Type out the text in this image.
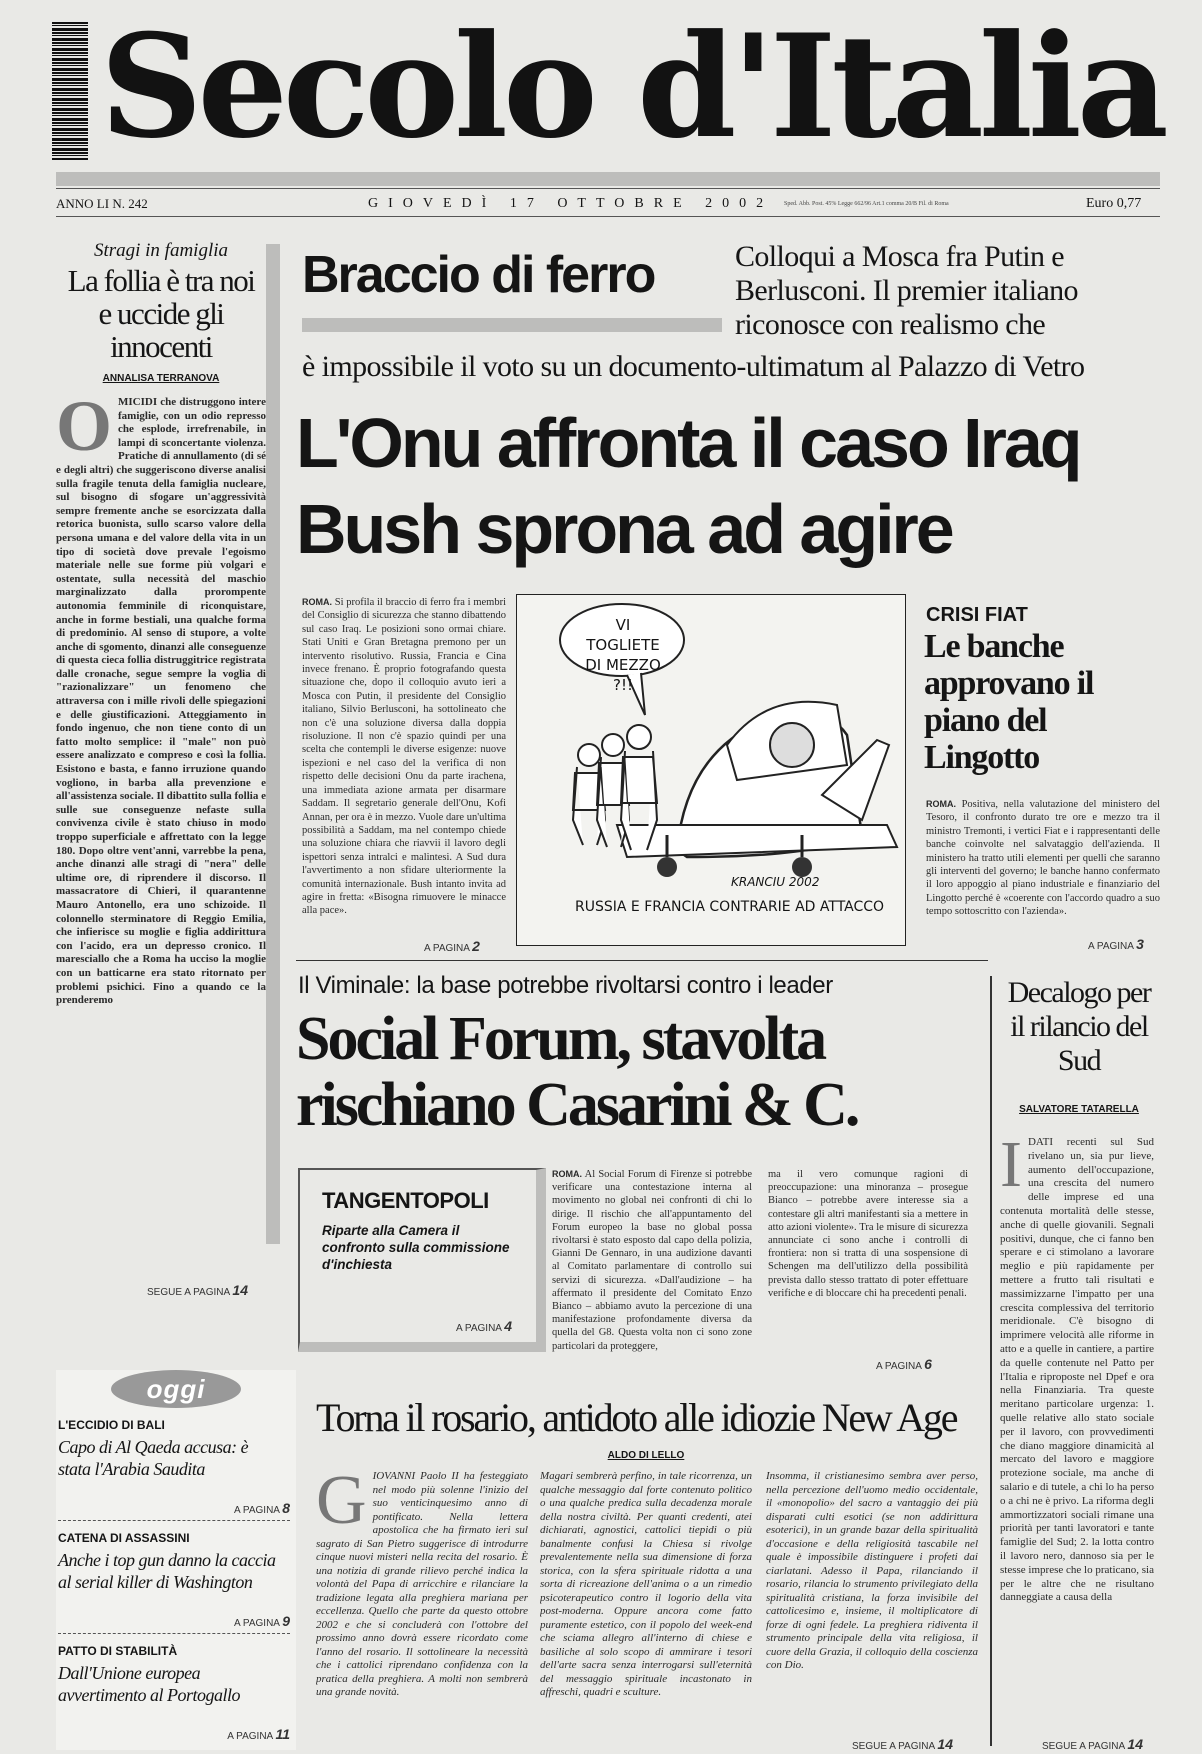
Secolo d'Italia
ANNO LI N. 242	GIOVEDÌ 17 OTTOBRE 2002 Sped. Abb. Post. 45% Legge 662/96 Art.1 comma 20/B Fil. di Roma	Euro 0,77
Stragi in famiglia
La follia è tra noi e uccide gli innocenti
ANNALISA TERRANOVA
O MICIDI che distruggono intere famiglie, con un odio represso che esplode, irrefrenabile, in lampi di sconcertante violenza. Pratiche di annullamento (di sé e degli altri) che suggeriscono diverse analisi sulla fragile tenuta della famiglia nucleare, sul bisogno di sfogare un'aggressività sempre fremente anche se esorcizzata dalla retorica buonista, sullo scarso valore della persona umana e del valore della vita in un tipo di società dove prevale l'egoismo materiale nelle sue forme più volgari e ostentate, sulla necessità del maschio marginalizzato dalla prorompente autonomia femminile di riconquistare, anche in forme bestiali, una qualche forma di predominio. Al senso di stupore, a volte anche di sgomento, dinanzi alle conseguenze di questa cieca follia distruggitrice registrata dalle cronache, segue sempre la voglia di "razionalizzare" un fenomeno che attraversa con i mille rivoli delle spiegazioni e delle giustificazioni. Atteggiamento in fondo ingenuo, che non tiene conto di un fatto molto semplice: il "male" non può essere analizzato e compreso e così la follia. Esistono e basta, e fanno irruzione quando vogliono, in barba alla prevenzione e all'assistenza sociale. Il dibattito sulla follia e sulle sue conseguenze nefaste sulla convivenza civile è stato chiuso in modo troppo superficiale e affrettato con la legge 180. Dopo oltre vent'anni, varrebbe la pena, anche dinanzi alle stragi di "nera" delle ultime ore, di riprendere il discorso. Il massacratore di Chieri, il quarantenne Mauro Antonello, era uno schizoide. Il colonnello sterminatore di Reggio Emilia, che infierisce su moglie e figlia addirittura con l'acido, era un depresso cronico. Il maresciallo che a Roma ha ucciso la moglie con un batticarne era stato ritornato per problemi psichici. Fino a quando ce la prenderemo
SEGUE A PAGINA 14
Braccio di ferro	Colloqui a Mosca fra Putin e Berlusconi. Il premier italiano riconosce con realismo che
è impossibile il voto su un documento-ultimatum al Palazzo di Vetro
L'Onu affronta il caso Iraq
Bush sprona ad agire
ROMA. Si profila il braccio di ferro fra i membri del Consiglio di sicurezza che stanno dibattendo sul caso Iraq. Le posizioni sono ormai chiare. Stati Uniti e Gran Bretagna premono per un intervento risolutivo. Russia, Francia e Cina invece frenano. È proprio fotografando questa situazione che, dopo il colloquio avuto ieri a Mosca con Putin, il presidente del Consiglio italiano, Silvio Berlusconi, ha sottolineato che non c'è una soluzione diversa dalla doppia risoluzione. Il non c'è spazio quindi per una scelta che contempli le diverse esigenze: nuove ispezioni e nel caso del la verifica di non rispetto delle decisioni Onu da parte irachena, una immediata azione armata per disarmare Saddam. Il segretario generale dell'Onu, Kofi Annan, per ora è in mezzo. Vuole dare un'ultima possibilità a Saddam, ma nel contempo chiede una soluzione chiara che riavvii il lavoro degli ispettori senza intralci e malintesi. A Sud dura l'avvertimento a non sfidare ulteriormente la comunità internazionale. Bush intanto invita ad agire in fretta: «Bisogna rimuovere le minacce alla pace».
A PAGINA 2
VI TOGLIETE DI MEZZO ?!!
KRANCIU 2002
RUSSIA E FRANCIA CONTRARIE AD ATTACCO
CRISI FIAT
Le banche approvano il piano del Lingotto
ROMA. Positiva, nella valutazione del ministero del Tesoro, il confronto durato tre ore e mezzo tra il ministro Tremonti, i vertici Fiat e i rappresentanti delle banche coinvolte nel salvataggio dell'azienda. Il ministero ha tratto utili elementi per quelli che saranno gli interventi del governo; le banche hanno confermato il loro appoggio al piano industriale e finanziario del Lingotto perché è «coerente con l'accordo quadro a suo tempo sottoscritto con l'azienda».
A PAGINA 3
Il Viminale: la base potrebbe rivoltarsi contro i leader
Social Forum, stavolta rischiano Casarini & C.
TANGENTOPOLI
Riparte alla Camera il confronto sulla commissione d'inchiesta
A PAGINA 4
ROMA. Al Social Forum di Firenze si potrebbe verificare una contestazione interna al movimento no global nei confronti di chi lo dirige. Il rischio che all'appuntamento del Forum europeo la base no global possa rivoltarsi è stato esposto dal capo della polizia, Gianni De Gennaro, in una audizione davanti al Comitato parlamentare di controllo sui servizi di sicurezza. «Dall'audizione – ha affermato il presidente del Comitato Enzo Bianco – abbiamo avuto la percezione di una manifestazione profondamente diversa da quella del G8. Questa volta non ci sono zone particolari da proteggere,
ma il vero comunque ragioni di preoccupazione: una minoranza – prosegue Bianco – potrebbe avere interesse sia a contestare gli altri manifestanti sia a mettere in atto azioni violente». Tra le misure di sicurezza annunciate ci sono anche i controlli di frontiera: non si tratta di una sospensione di Schengen ma dell'utilizzo della possibilità prevista dallo stesso trattato di poter effettuare verifiche e di bloccare chi ha precedenti penali.
A PAGINA 6
Decalogo per il rilancio del Sud
SALVATORE TATARELLA
I DATI recenti sul Sud rivelano un, sia pur lieve, aumento dell'occupazione, una crescita del numero delle imprese ed una contenuta mortalità delle stesse, anche di quelle giovanili. Segnali positivi, dunque, che ci fanno ben sperare e ci stimolano a lavorare meglio e più rapidamente per mettere a frutto tali risultati e massimizzarne l'impatto per una crescita complessiva del territorio meridionale. C'è bisogno di imprimere velocità alle riforme in atto e a quelle in cantiere, a partire da quelle contenute nel Patto per l'Italia e riproposte nel Dpef e ora nella Finanziaria. Tra queste meritano particolare urgenza: 1. quelle relative allo stato sociale per il lavoro, con provvedimenti che diano maggiore dinamicità al mercato del lavoro e maggiore protezione sociale, ma anche di salario e di tutele, a chi lo ha perso o a chi ne è privo. La riforma degli ammortizzatori sociali rimane una priorità per tanti lavoratori e tante famiglie del Sud; 2. la lotta contro il lavoro nero, dannoso sia per le stesse imprese che lo praticano, sia per le altre che ne risultano danneggiate a causa della
SEGUE A PAGINA 14
oggi
L'ECCIDIO DI BALI
Capo di Al Qaeda accusa: è stata l'Arabia Saudita
A PAGINA 8
CATENA DI ASSASSINI
Anche i top gun danno la caccia al serial killer di Washington
A PAGINA 9
PATTO DI STABILITÀ
Dall'Unione europea avvertimento al Portogallo
A PAGINA 11
Torna il rosario, antidoto alle idiozie New Age
ALDO DI LELLO
G IOVANNI Paolo II ha festeggiato nel modo più solenne l'inizio del suo venticinquesimo anno di pontificato. Nella lettera apostolica che ha firmato ieri sul sagrato di San Pietro suggerisce di introdurre cinque nuovi misteri nella recita del rosario. È una notizia di grande rilievo perché indica la volontà del Papa di arricchire e rilanciare la tradizione legata alla preghiera mariana per eccellenza. Quello che parte da questo ottobre 2002 e che si concluderà con l'ottobre del prossimo anno dovrà essere ricordato come l'anno del rosario. Il sottolineare la necessità che i cattolici riprendano confidenza con la pratica della preghiera. A molti non sembrerà una grande novità.
Magari sembrerà perfino, in tale ricorrenza, un qualche messaggio dal forte contenuto politico o una qualche predica sulla decadenza morale della nostra civiltà. Per quanti credenti, atei dichiarati, agnostici, cattolici tiepidi o più banalmente confusi la Chiesa si rivolge prevalentemente nella sua dimensione di forza storica, con la sfera spirituale ridotta a una sorta di ricreazione dell'anima o a un rimedio psicoterapeutico contro il logorio della vita post-moderna. Oppure ancora come fatto puramente estetico, con il popolo del week-end che sciama allegro all'interno di chiese e basiliche al solo scopo di ammirare i tesori dell'arte sacra senza interrogarsi sull'eternità del messaggio spirituale incastonato in affreschi, quadri e sculture.
Insomma, il cristianesimo sembra aver perso, nella percezione dell'uomo medio occidentale, il «monopolio» del sacro a vantaggio dei più disparati culti esotici (se non addirittura esoterici), in un grande bazar della spiritualità d'occasione e della religiosità tascabile nel quale è impossibile distinguere i profeti dai ciarlatani. Adesso il Papa, rilanciando il rosario, rilancia lo strumento privilegiato della spiritualità cristiana, la forza invisibile del cattolicesimo e, insieme, il moltiplicatore di forze di ogni fedele. La preghiera ridiventa il strumento principale della vita religiosa, il cuore della Grazia, il colloquio della coscienza con Dio.
SEGUE A PAGINA 14
